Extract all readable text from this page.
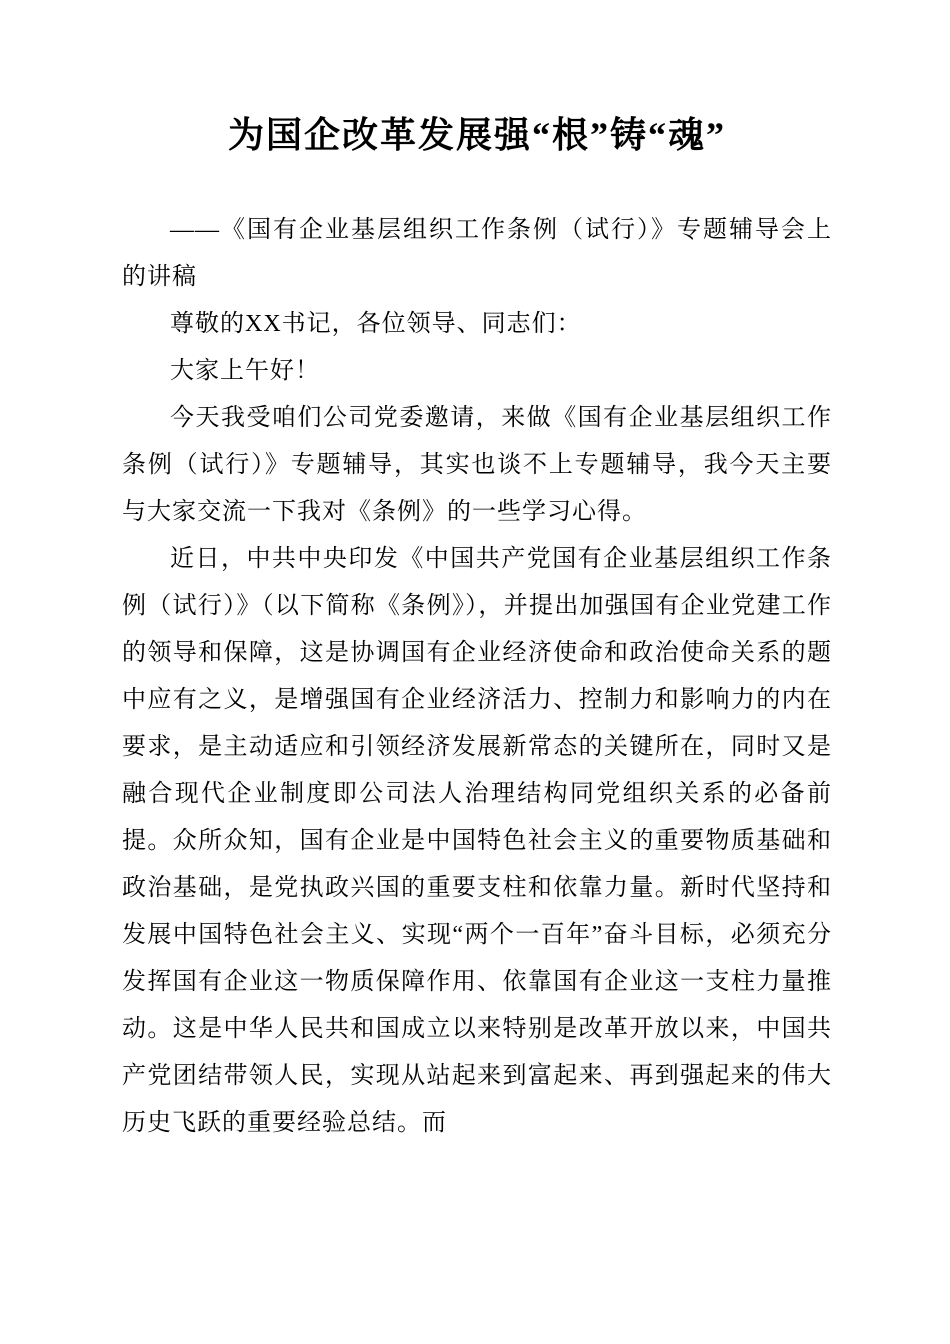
为国企改革发展强“根”铸“魂”

——《国有企业基层组织工作条例（试行）》专题辅导会上的讲稿

尊敬的XX书记，各位领导、同志们：

大家上午好！

今天我受咱们公司党委邀请，来做《国有企业基层组织工作条例（试行）》专题辅导，其实也谈不上专题辅导，我今天主要与大家交流一下我对《条例》的一些学习心得。

近日，中共中央印发《中国共产党国有企业基层组织工作条例（试行）》（以下简称《条例》），并提出加强国有企业党建工作的领导和保障，这是协调国有企业经济使命和政治使命关系的题中应有之义，是增强国有企业经济活力、控制力和影响力的内在要求，是主动适应和引领经济发展新常态的关键所在，同时又是融合现代企业制度即公司法人治理结构同党组织关系的必备前提。众所众知，国有企业是中国特色社会主义的重要物质基础和政治基础，是党执政兴国的重要支柱和依靠力量。新时代坚持和发展中国特色社会主义、实现“两个一百年”奋斗目标，必须充分发挥国有企业这一物质保障作用、依靠国有企业这一支柱力量推动。这是中华人民共和国成立以来特别是改革开放以来，中国共产党团结带领人民，实现从站起来到富起来、再到强起来的伟大历史飞跃的重要经验总结。而
